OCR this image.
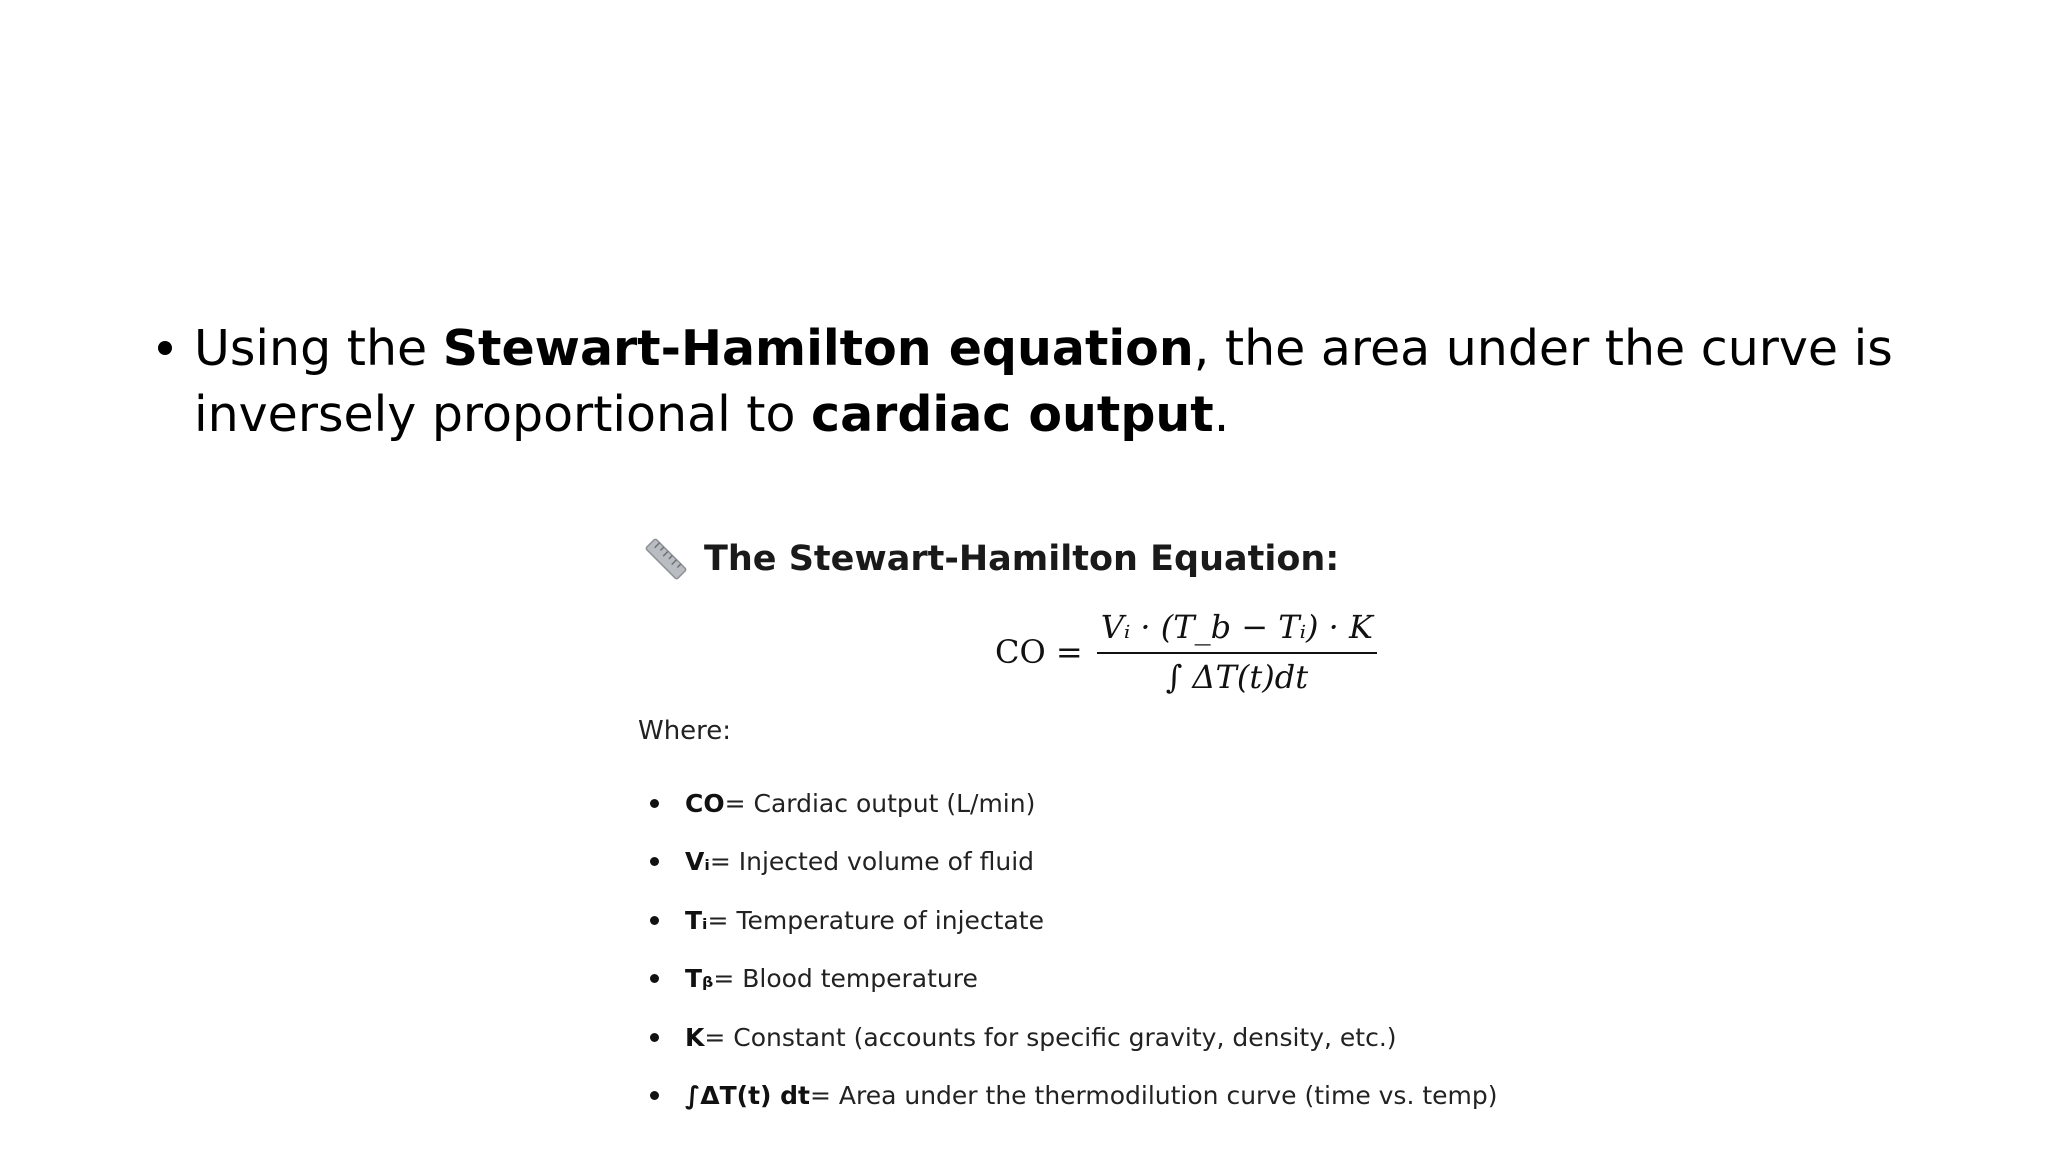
Using the Stewart-Hamilton equation, the area under the curve is inversely proportional to cardiac output.
The Stewart-Hamilton Equation:
CO = $\frac{\text{Vᵢ · (T\_b − Tᵢ) · K}}{\int \Delta T(t)dt}$
Where:
CO = Cardiac output (L/min)
Vᵢ = Injected volume of fluid
Tᵢ = Temperature of injectate
Tᵦ = Blood temperature
K = Constant (accounts for specific gravity, density, etc.)
∫ΔT(t) dt = Area under the thermodilution curve (time vs. temp)
